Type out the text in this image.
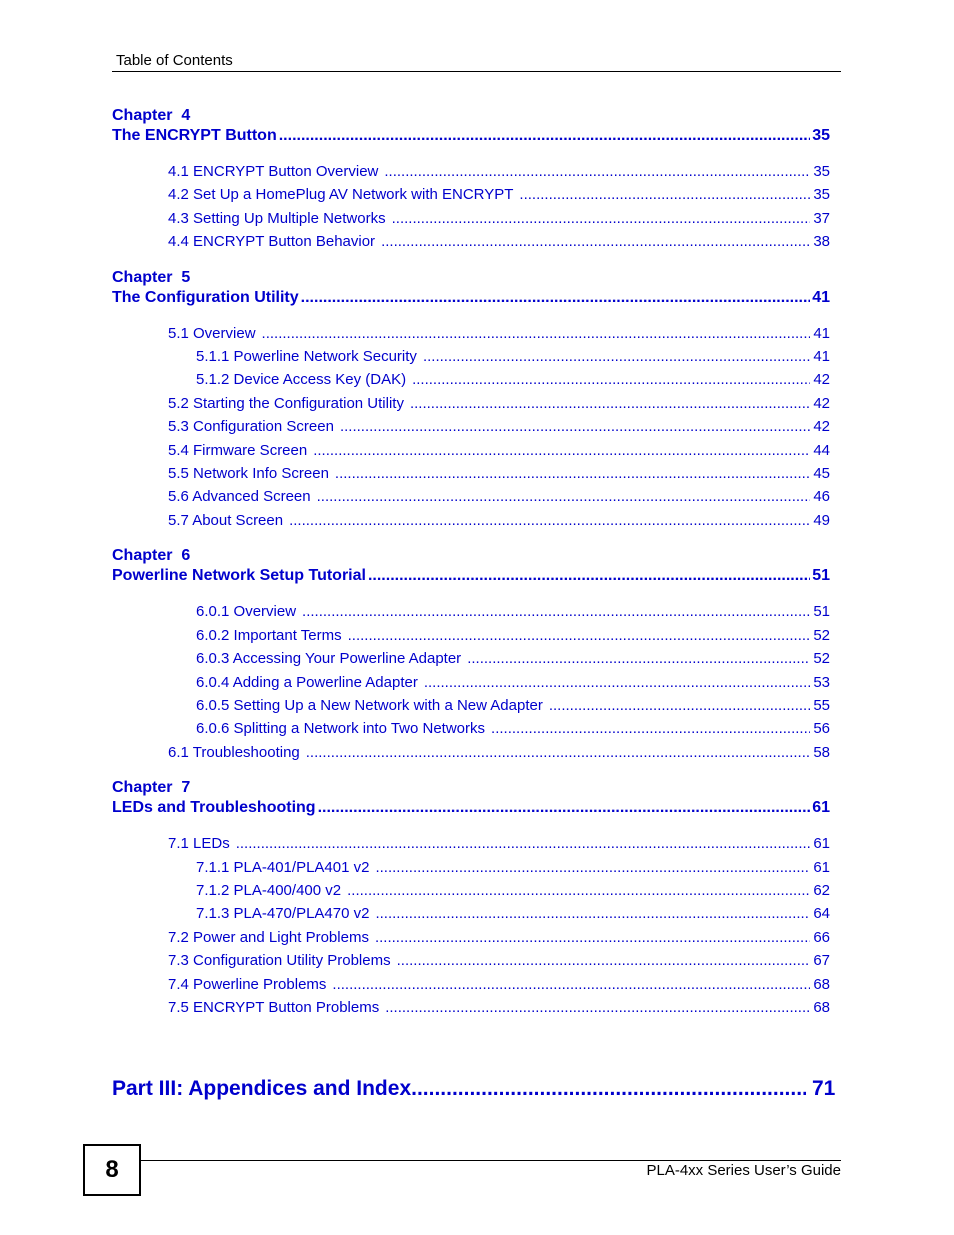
Table of Contents
Chapter  4
The ENCRYPT Button .....	35
4.1 ENCRYPT Button Overview .....	35
4.2 Set Up a HomePlug AV Network with ENCRYPT .....	35
4.3 Setting Up Multiple Networks .....	37
4.4 ENCRYPT Button Behavior .....	38
Chapter  5
The Configuration Utility .....	41
5.1 Overview .....	41
5.1.1 Powerline Network Security .....	41
5.1.2 Device Access Key (DAK) .....	42
5.2 Starting the Configuration Utility .....	42
5.3 Configuration Screen .....	42
5.4 Firmware Screen .....	44
5.5 Network Info Screen .....	45
5.6 Advanced Screen .....	46
5.7 About Screen .....	49
Chapter  6
Powerline Network Setup Tutorial .....	51
6.0.1 Overview .....	51
6.0.2 Important Terms .....	52
6.0.3 Accessing Your Powerline Adapter .....	52
6.0.4 Adding a Powerline Adapter .....	53
6.0.5 Setting Up a New Network with a New Adapter .....	55
6.0.6 Splitting a Network into Two Networks .....	56
6.1 Troubleshooting .....	58
Chapter  7
LEDs and Troubleshooting .....	61
7.1 LEDs .....	61
7.1.1 PLA-401/PLA401 v2 .....	61
7.1.2 PLA-400/400 v2 .....	62
7.1.3 PLA-470/PLA470 v2 .....	64
7.2 Power and Light Problems .....	66
7.3 Configuration Utility Problems .....	67
7.4 Powerline Problems .....	68
7.5 ENCRYPT Button Problems .....	68
Part III: Appendices and Index .....	71
8	PLA-4xx Series User’s Guide
